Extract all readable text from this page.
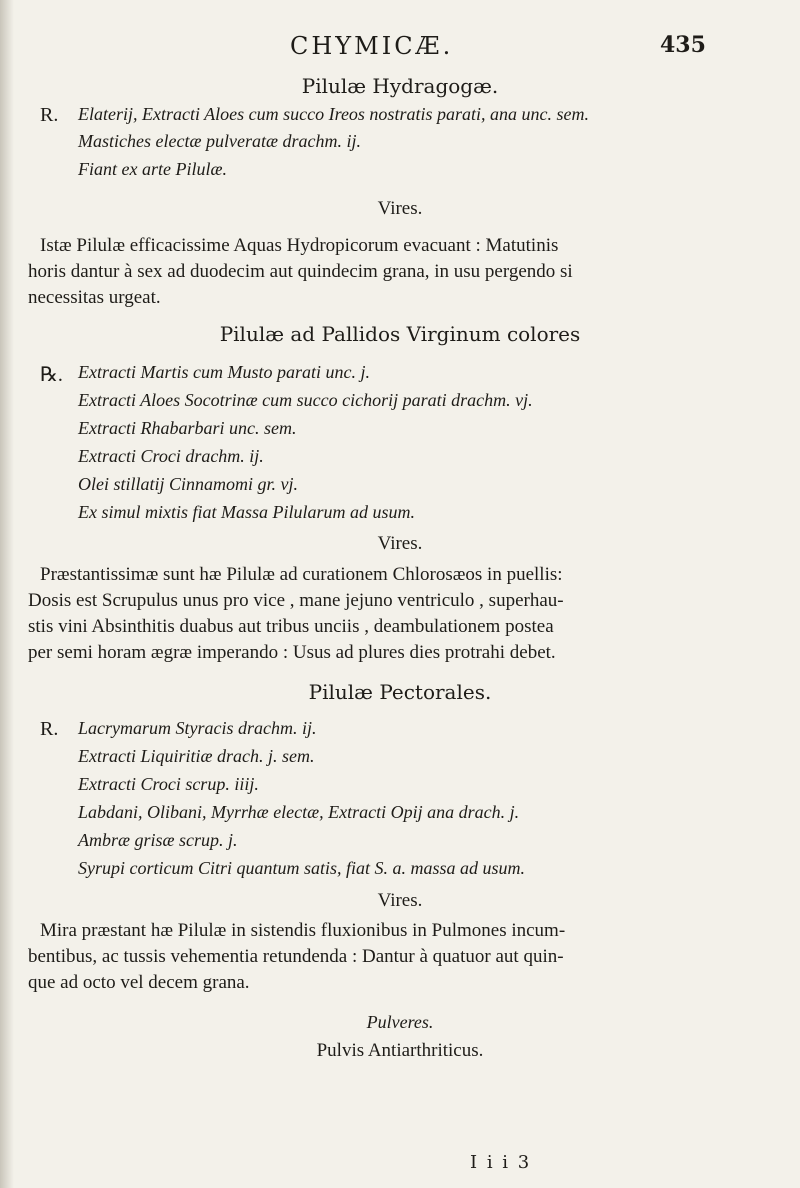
CHYMICÆ.	435
Pilulæ Hydragogæ.
R. Elaterij, Extracti Aloes cum succo Ireos nostratis parati, ana unc. sem.
Mastiches electæ pulveratæ drachm. ij.
Fiant ex arte Pilulæ.
Vires.
Istæ Pilulæ efficacissime Aquas Hydropicorum evacuant : Matutinis
horis dantur à sex ad duodecim aut quindecim grana, in usu pergendo si
necessitas urgeat.
Pilulæ ad Pallidos Virginum colores
℞. Extracti Martis cum Musto parati unc. j.
Extracti Aloes Socotrinæ cum succo cichorij parati drachm. vj.
Extracti Rhabarbari unc. sem.
Extracti Croci drachm. ij.
Olei stillatij Cinnamomi gr. vj.
Ex simul mixtis fiat Massa Pilularum ad usum.
Vires.
Præstantissimæ sunt hæ Pilulæ ad curationem Chlorosæos in puellis:
Dosis est Scrupulus unus pro vice , mane jejuno ventriculo , superhau-
stis vini Absinthitis duabus aut tribus unciis , deambulationem postea
per semi horam ægræ imperando : Usus ad plures dies protrahi debet.
Pilulæ Pectorales.
R. Lacrymarum Styracis drachm. ij.
Extracti Liquiritiæ drach. j. sem.
Extracti Croci scrup. iiij.
Labdani, Olibani, Myrrhæ electæ, Extracti Opij ana drach. j.
Ambræ grisæ scrup. j.
Syrupi corticum Citri quantum satis, fiat S. a. massa ad usum.
Vires.
Mira præstant hæ Pilulæ in sistendis fluxionibus in Pulmones incum-
bentibus, ac tussis vehementia retundenda : Dantur à quatuor aut quin-
que ad octo vel decem grana.
Pulveres.
Pulvis Antiarthriticus.
I i i 3
